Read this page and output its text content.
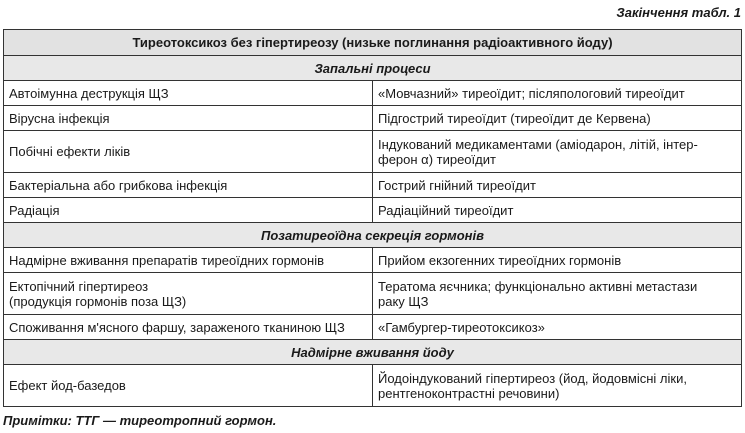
Закінчення табл. 1
Тиреотоксикоз без гіпертиреозу (низьке поглинання радіоактивного йоду)	
Запальні процеси	
Автоімунна деструкція ЩЗ	«Мовчазний» тиреоїдит; післяпологовий тиреоїдит
Вірусна інфекція	Підгострий тиреоїдит (тиреоїдит де Кервена)
Побічні ефекти ліків	Індукований медикаментами (аміодарон, літій, інтер-
ферон α) тиреоїдит
Бактеріальна або грибкова інфекція	Гострий гнійний тиреоїдит
Радіація	Радіаційний тиреоїдит
Позатиреоїдна секреція гормонів	
Надмірне вживання препаратів тиреоїдних гормонів	Прийом екзогенних тиреоїдних гормонів
Ектопічний гіпертиреоз
(продукція гормонів поза ЩЗ)	Тератома яєчника; функціонально активні метастази
раку ЩЗ
Споживання м'ясного фаршу, зараженого тканиною ЩЗ	«Гамбургер-тиреотоксикоз»
Надмірне вживання йоду	
Ефект йод-базедов	Йодоіндукований гіпертиреоз (йод, йодовмісні ліки,
рентгеноконтрастні речовини)
Примітки: ТТГ — тиреотропний гормон.
